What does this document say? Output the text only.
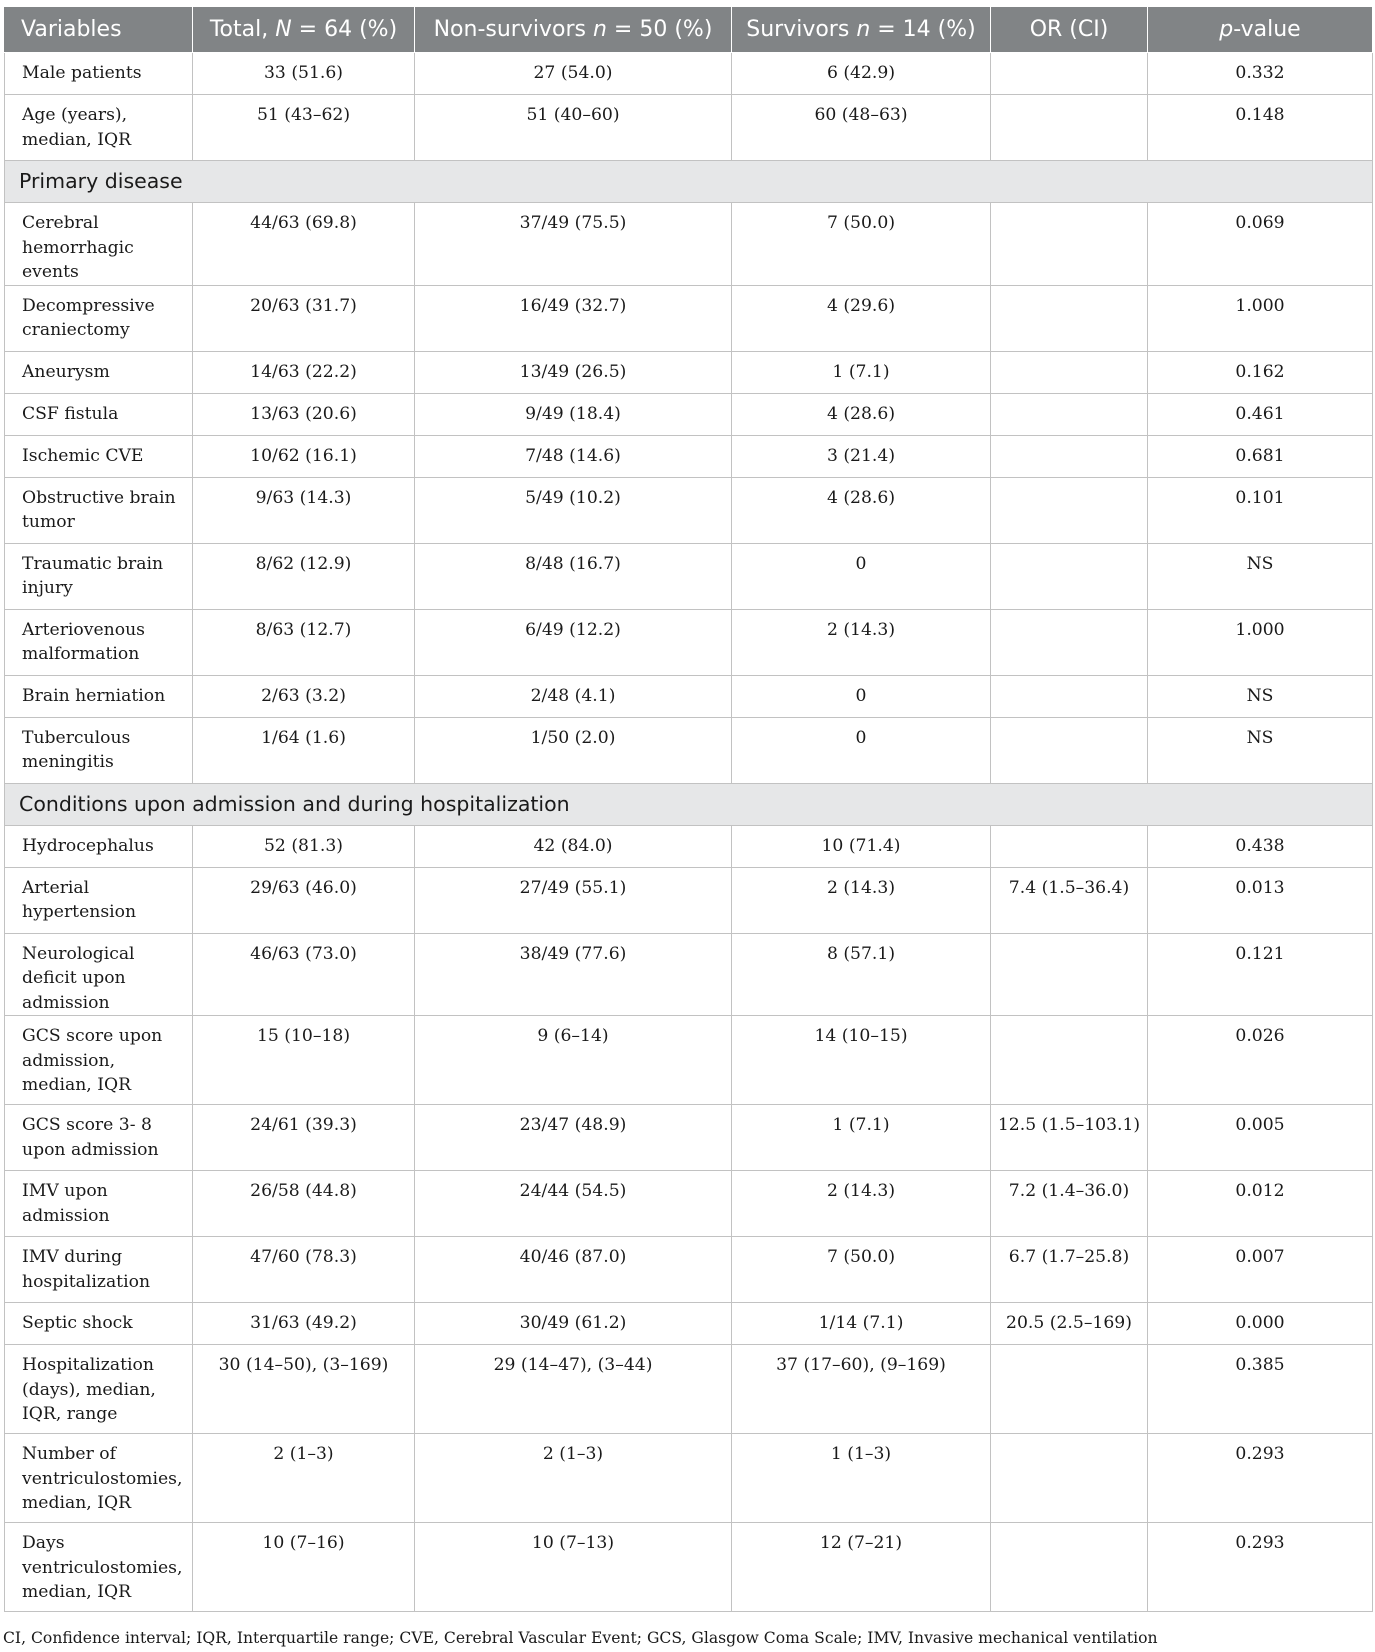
Variables	Total, N = 64 (%)	Non-survivors n = 50 (%)	Survivors n = 14 (%)	OR (CI)	p-value
Male patients	33 (51.6)	27 (54.0)	6 (42.9)		0.332
Age (years), median, IQR	51 (43–62)	51 (40–60)	60 (48–63)		0.148
Primary disease					
Cerebral hemorrhagic events	44/63 (69.8)	37/49 (75.5)	7 (50.0)		0.069
Decompressive craniectomy	20/63 (31.7)	16/49 (32.7)	4 (29.6)		1.000
Aneurysm	14/63 (22.2)	13/49 (26.5)	1 (7.1)		0.162
CSF fistula	13/63 (20.6)	9/49 (18.4)	4 (28.6)		0.461
Ischemic CVE	10/62 (16.1)	7/48 (14.6)	3 (21.4)		0.681
Obstructive brain tumor	9/63 (14.3)	5/49 (10.2)	4 (28.6)		0.101
Traumatic brain injury	8/62 (12.9)	8/48 (16.7)	0		NS
Arteriovenous malformation	8/63 (12.7)	6/49 (12.2)	2 (14.3)		1.000
Brain herniation	2/63 (3.2)	2/48 (4.1)	0		NS
Tuberculous meningitis	1/64 (1.6)	1/50 (2.0)	0		NS
Conditions upon admission and during hospitalization					
Hydrocephalus	52 (81.3)	42 (84.0)	10 (71.4)		0.438
Arterial hypertension	29/63 (46.0)	27/49 (55.1)	2 (14.3)	7.4 (1.5–36.4)	0.013
Neurological deficit upon admission	46/63 (73.0)	38/49 (77.6)	8 (57.1)		0.121
GCS score upon admission, median, IQR	15 (10–18)	9 (6–14)	14 (10–15)		0.026
GCS score 3- 8 upon admission	24/61 (39.3)	23/47 (48.9)	1 (7.1)	12.5 (1.5–103.1)	0.005
IMV upon admission	26/58 (44.8)	24/44 (54.5)	2 (14.3)	7.2 (1.4–36.0)	0.012
IMV during hospitalization	47/60 (78.3)	40/46 (87.0)	7 (50.0)	6.7 (1.7–25.8)	0.007
Septic shock	31/63 (49.2)	30/49 (61.2)	1/14 (7.1)	20.5 (2.5–169)	0.000
Hospitalization (days), median, IQR, range	30 (14–50), (3–169)	29 (14–47), (3–44)	37 (17–60), (9–169)		0.385
Number of ventriculostomies, median, IQR	2 (1–3)	2 (1–3)	1 (1–3)		0.293
Days ventriculostomies, median, IQR	10 (7–16)	10 (7–13)	12 (7–21)		0.293
CI, Confidence interval; IQR, Interquartile range; CVE, Cerebral Vascular Event; GCS, Glasgow Coma Scale; IMV, Invasive mechanical ventilation
